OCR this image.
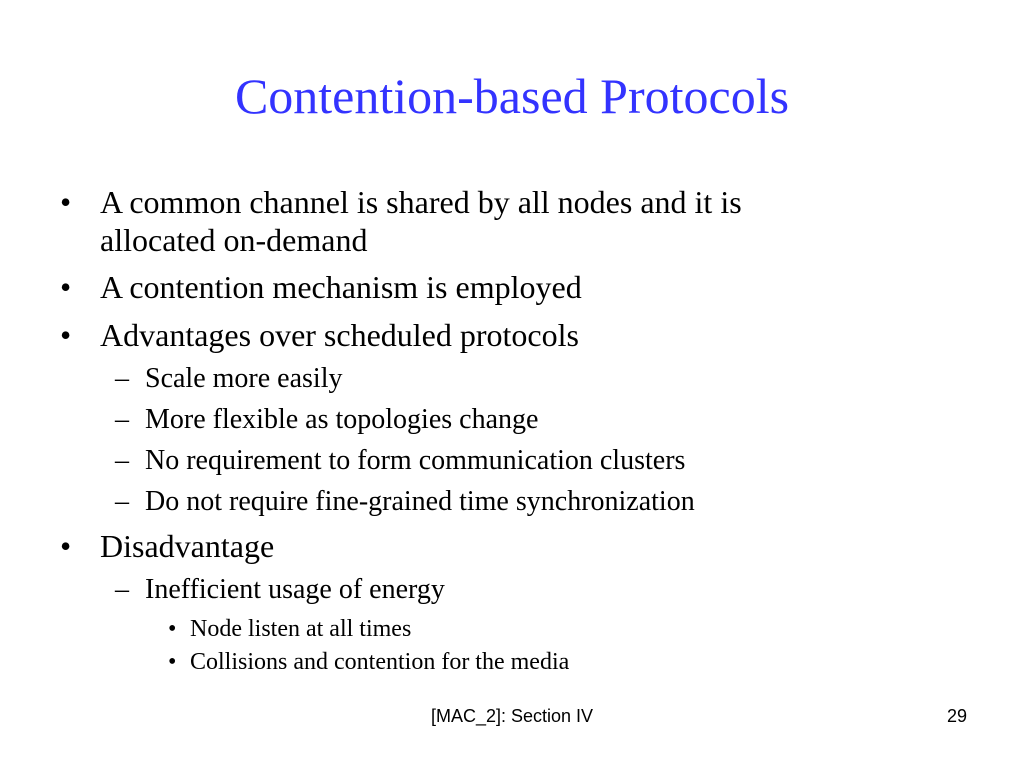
Contention-based Protocols
• A common channel is shared by all nodes and it is
allocated on-demand
• A contention mechanism is employed
• Advantages over scheduled protocols
– Scale more easily
– More flexible as topologies change
– No requirement to form communication clusters
– Do not require fine-grained time synchronization
• Disadvantage
– Inefficient usage of energy
• Node listen at all times
• Collisions and contention for the media
[MAC_2]: Section IV	29
